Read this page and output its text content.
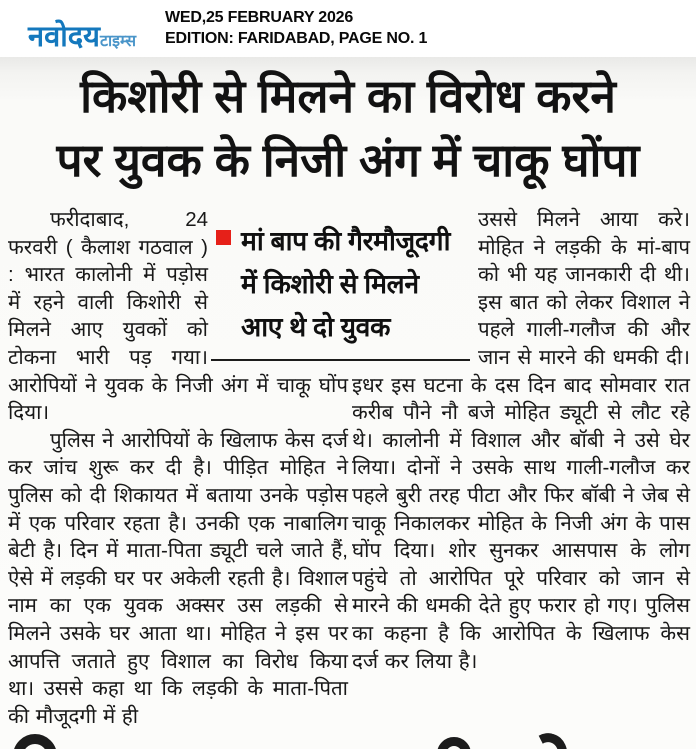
नवोदयटाइम्स
WED,25 FEBRUARY 2026
EDITION: FARIDABAD, PAGE NO. 1
किशोरी से मिलने का विरोध करने
पर युवक के निजी अंग में चाकू घोंपा

फरीदाबाद, 24 फरवरी ( कैलाश गठवाल ) : भारत कालोनी में पड़ोस में रहने वाली किशोरी से मिलने आए युवकों को टोकना भारी पड़ गया। आरोपियों ने युवक के निजी अंग में चाकू घोंप दिया।

पुलिस ने आरोपियों के खिलाफ केस दर्ज कर जांच शुरू कर दी है। पीड़ित मोहित ने पुलिस को दी शिकायत में बताया उनके पड़ोस में एक परिवार रहता है। उनकी एक नाबालिग बेटी है। दिन में माता-पिता ड्यूटी चले जाते हैं, ऐसे में लड़की घर पर अकेली रहती है। विशाल नाम का एक युवक अक्सर उस लड़की से मिलने उसके घर आता था। मोहित ने इस पर आपत्ति जताते हुए विशाल का विरोध किया था। उससे कहा था कि लड़की के माता-पिता की मौजूदगी में ही

उससे मिलने आया करे। मोहित ने लड़की के मां-बाप को भी यह जानकारी दी थी। इस बात को लेकर विशाल ने पहले गाली-गलौज की और जान से मारने की धमकी दी। इधर इस घटना के दस दिन बाद सोमवार रात करीब पौने नौ बजे मोहित ड्यूटी से लौट रहे थे। कालोनी में विशाल और बॉबी ने उसे घेर लिया। दोनों ने उसके साथ गाली-गलौज कर पहले बुरी तरह पीटा और फिर बॉबी ने जेब से चाकू निकालकर मोहित के निजी अंग के पास घोंप दिया। शोर सुनकर आसपास के लोग पहुंचे तो आरोपित पूरे परिवार को जान से मारने की धमकी देते हुए फरार हो गए। पुलिस का कहना है कि आरोपित के खिलाफ केस दर्ज कर लिया है।

मां बाप की गैरमौजूदगी
में किशोरी से मिलने
आए थे दो युवक
